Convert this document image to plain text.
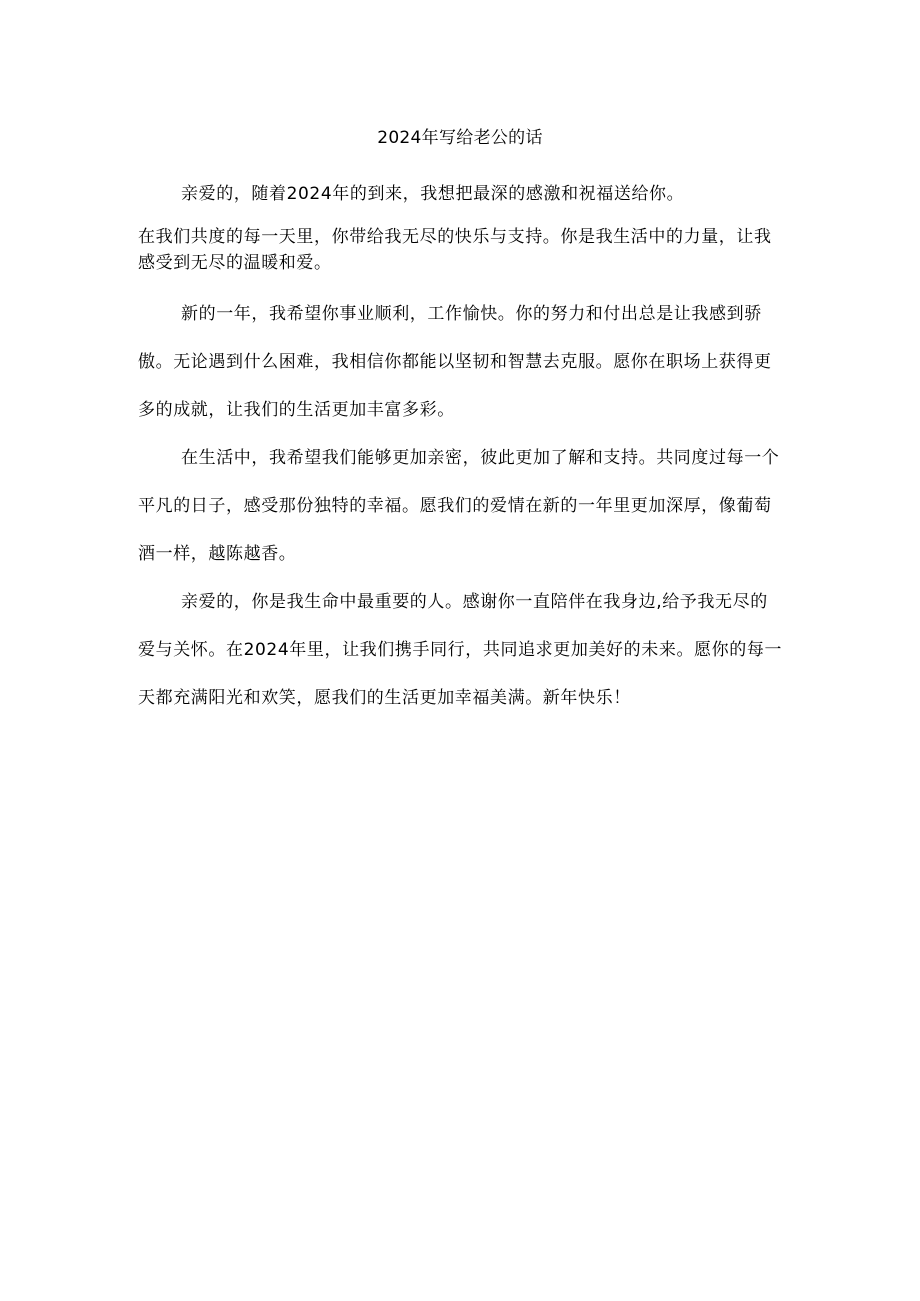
2024年写给老公的话

亲爱的，随着2024年的到来，我想把最深的感激和祝福送给你。

在我们共度的每一天里，你带给我无尽的快乐与支持。你是我生活中的力量，让我感受到无尽的温暖和爱。

新的一年，我希望你事业顺利，工作愉快。你的努力和付出总是让我感到骄傲。无论遇到什么困难，我相信你都能以坚韧和智慧去克服。愿你在职场上获得更多的成就，让我们的生活更加丰富多彩。

在生活中，我希望我们能够更加亲密，彼此更加了解和支持。共同度过每一个平凡的日子，感受那份独特的幸福。愿我们的爱情在新的一年里更加深厚，像葡萄酒一样，越陈越香。

亲爱的，你是我生命中最重要的人。感谢你一直陪伴在我身边,给予我无尽的爱与关怀。在2024年里，让我们携手同行，共同追求更加美好的未来。愿你的每一天都充满阳光和欢笑，愿我们的生活更加幸福美满。新年快乐！
